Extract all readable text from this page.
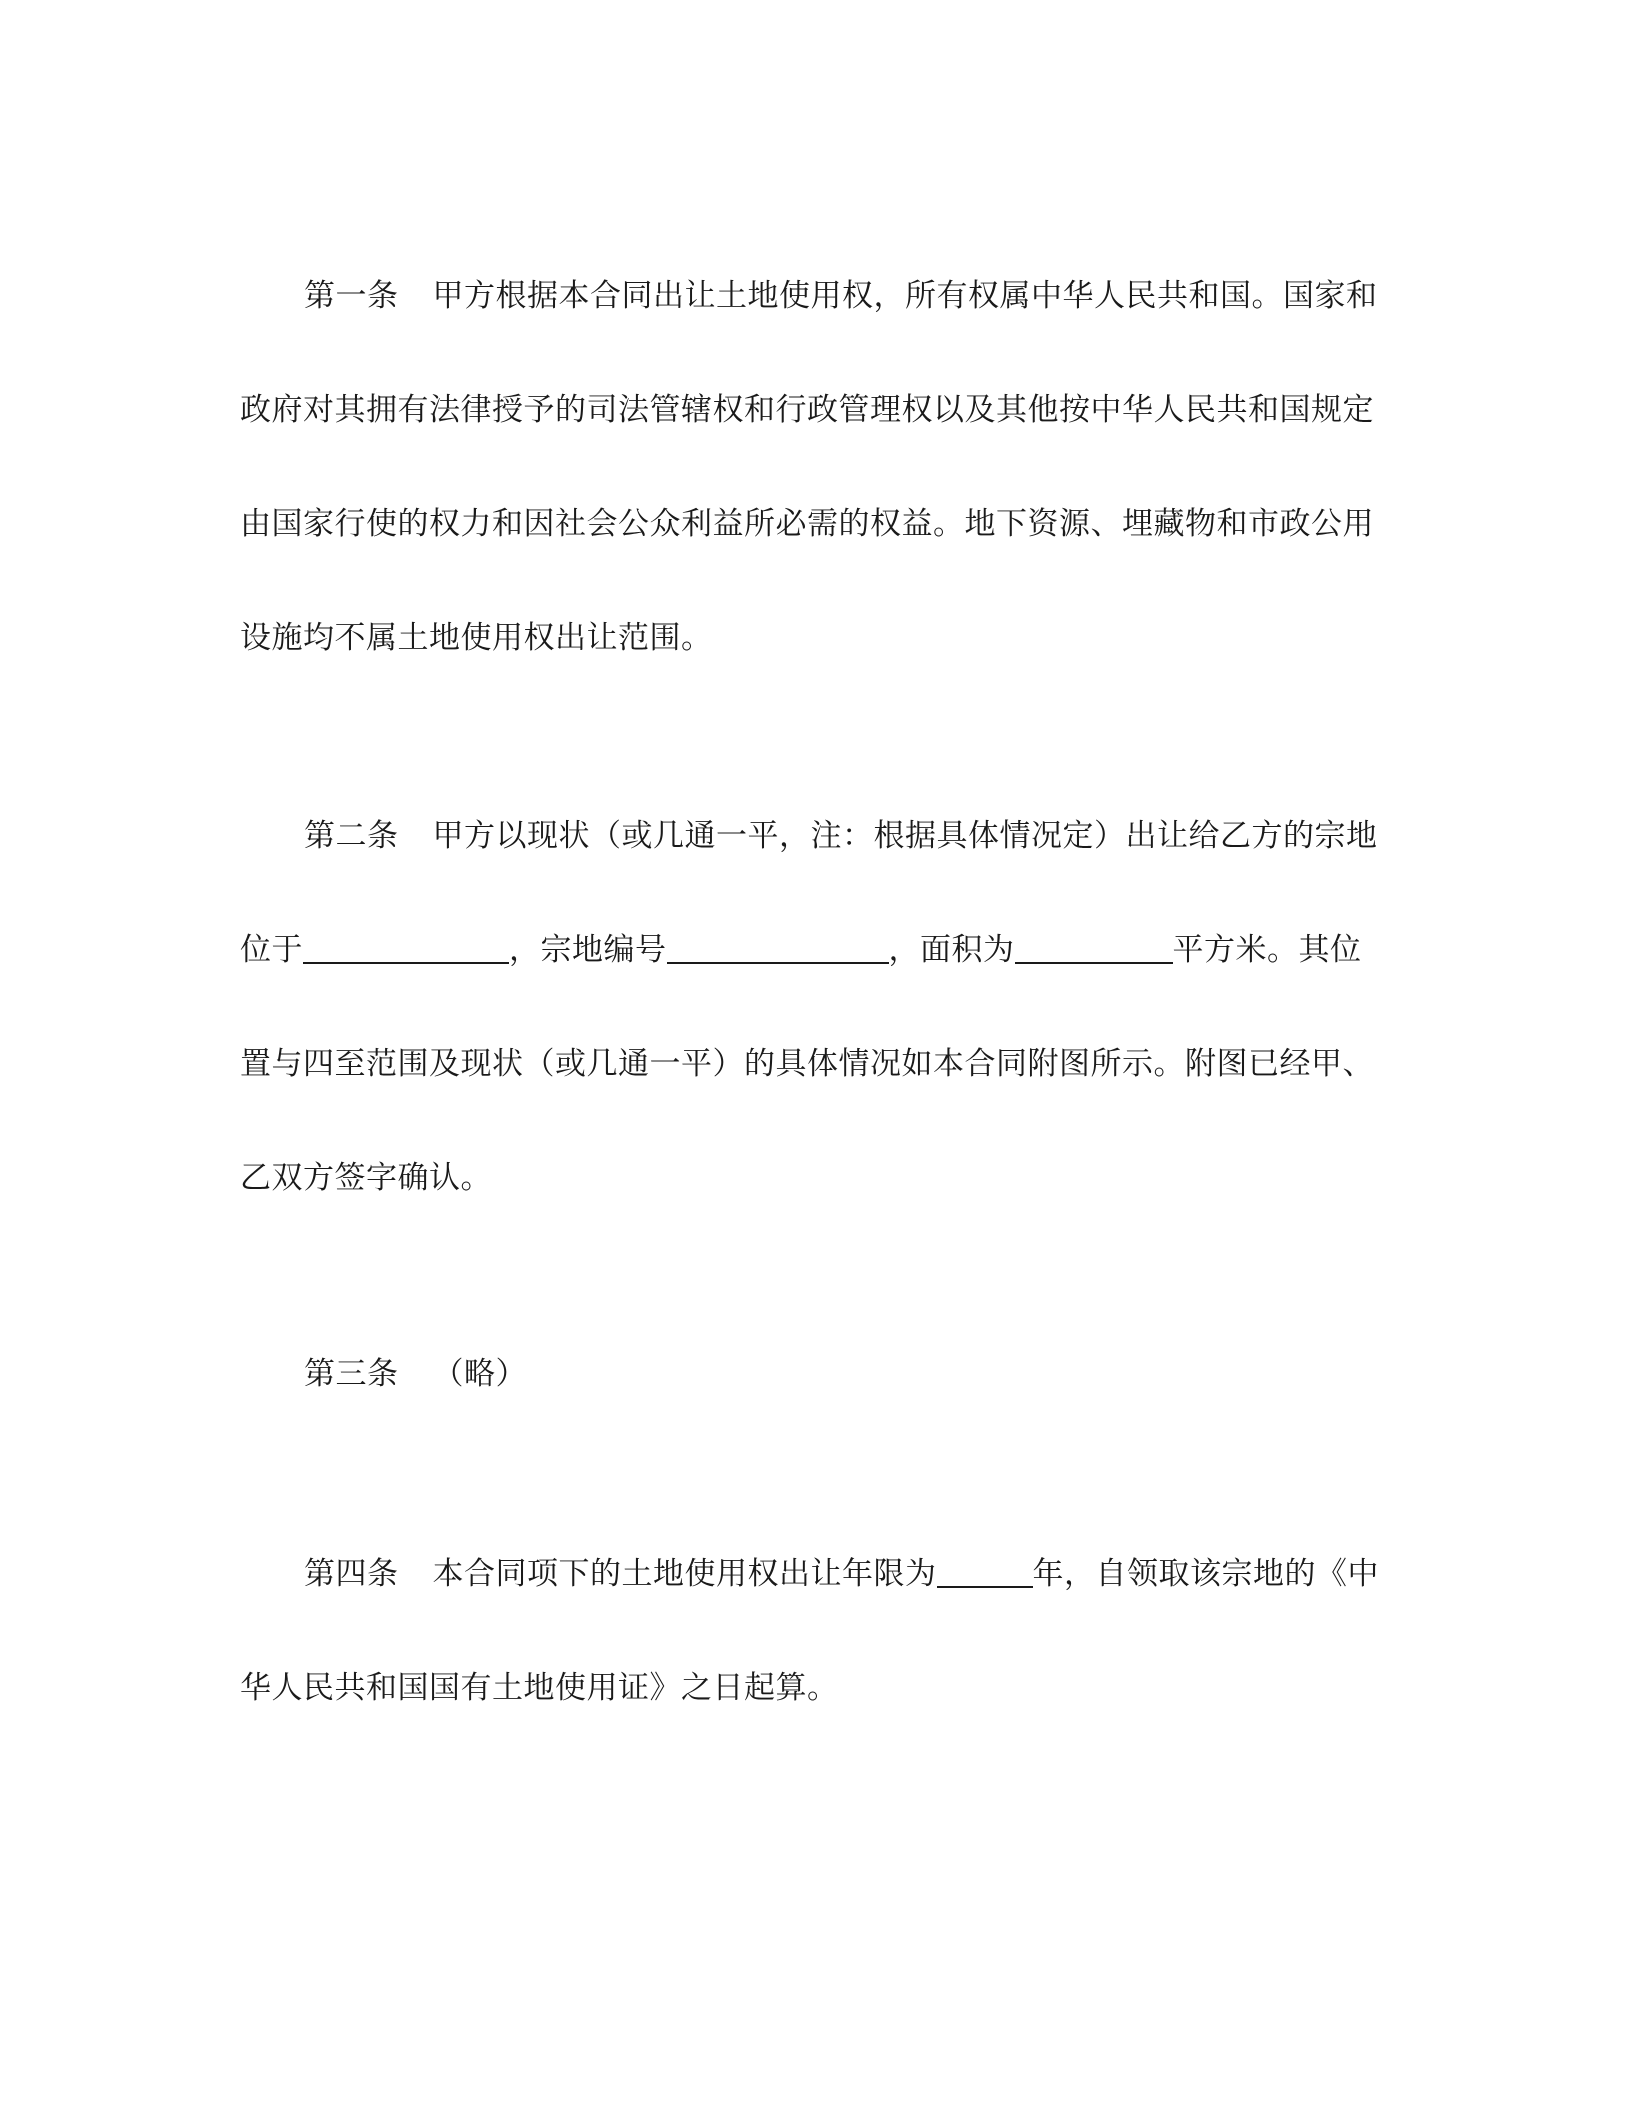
第一条 甲方根据本合同出让土地使用权，所有权属中华人民共和国。国家和
政府对其拥有法律授予的司法管辖权和行政管理权以及其他按中华人民共和国规定
由国家行使的权力和因社会公众利益所必需的权益。地下资源、埋藏物和市政公用
设施均不属土地使用权出让范围。
第二条 甲方以现状（或几通一平，注：根据具体情况定）出让给乙方的宗地
位于	，宗地编号	，面积为	平方米。其位
置与四至范围及现状（或几通一平）的具体情况如本合同附图所示。附图已经甲、
乙双方签字确认。
第三条 （略）
第四条 本合同项下的土地使用权出让年限为	年，自领取该宗地的《中
华人民共和国国有土地使用证》之日起算。
